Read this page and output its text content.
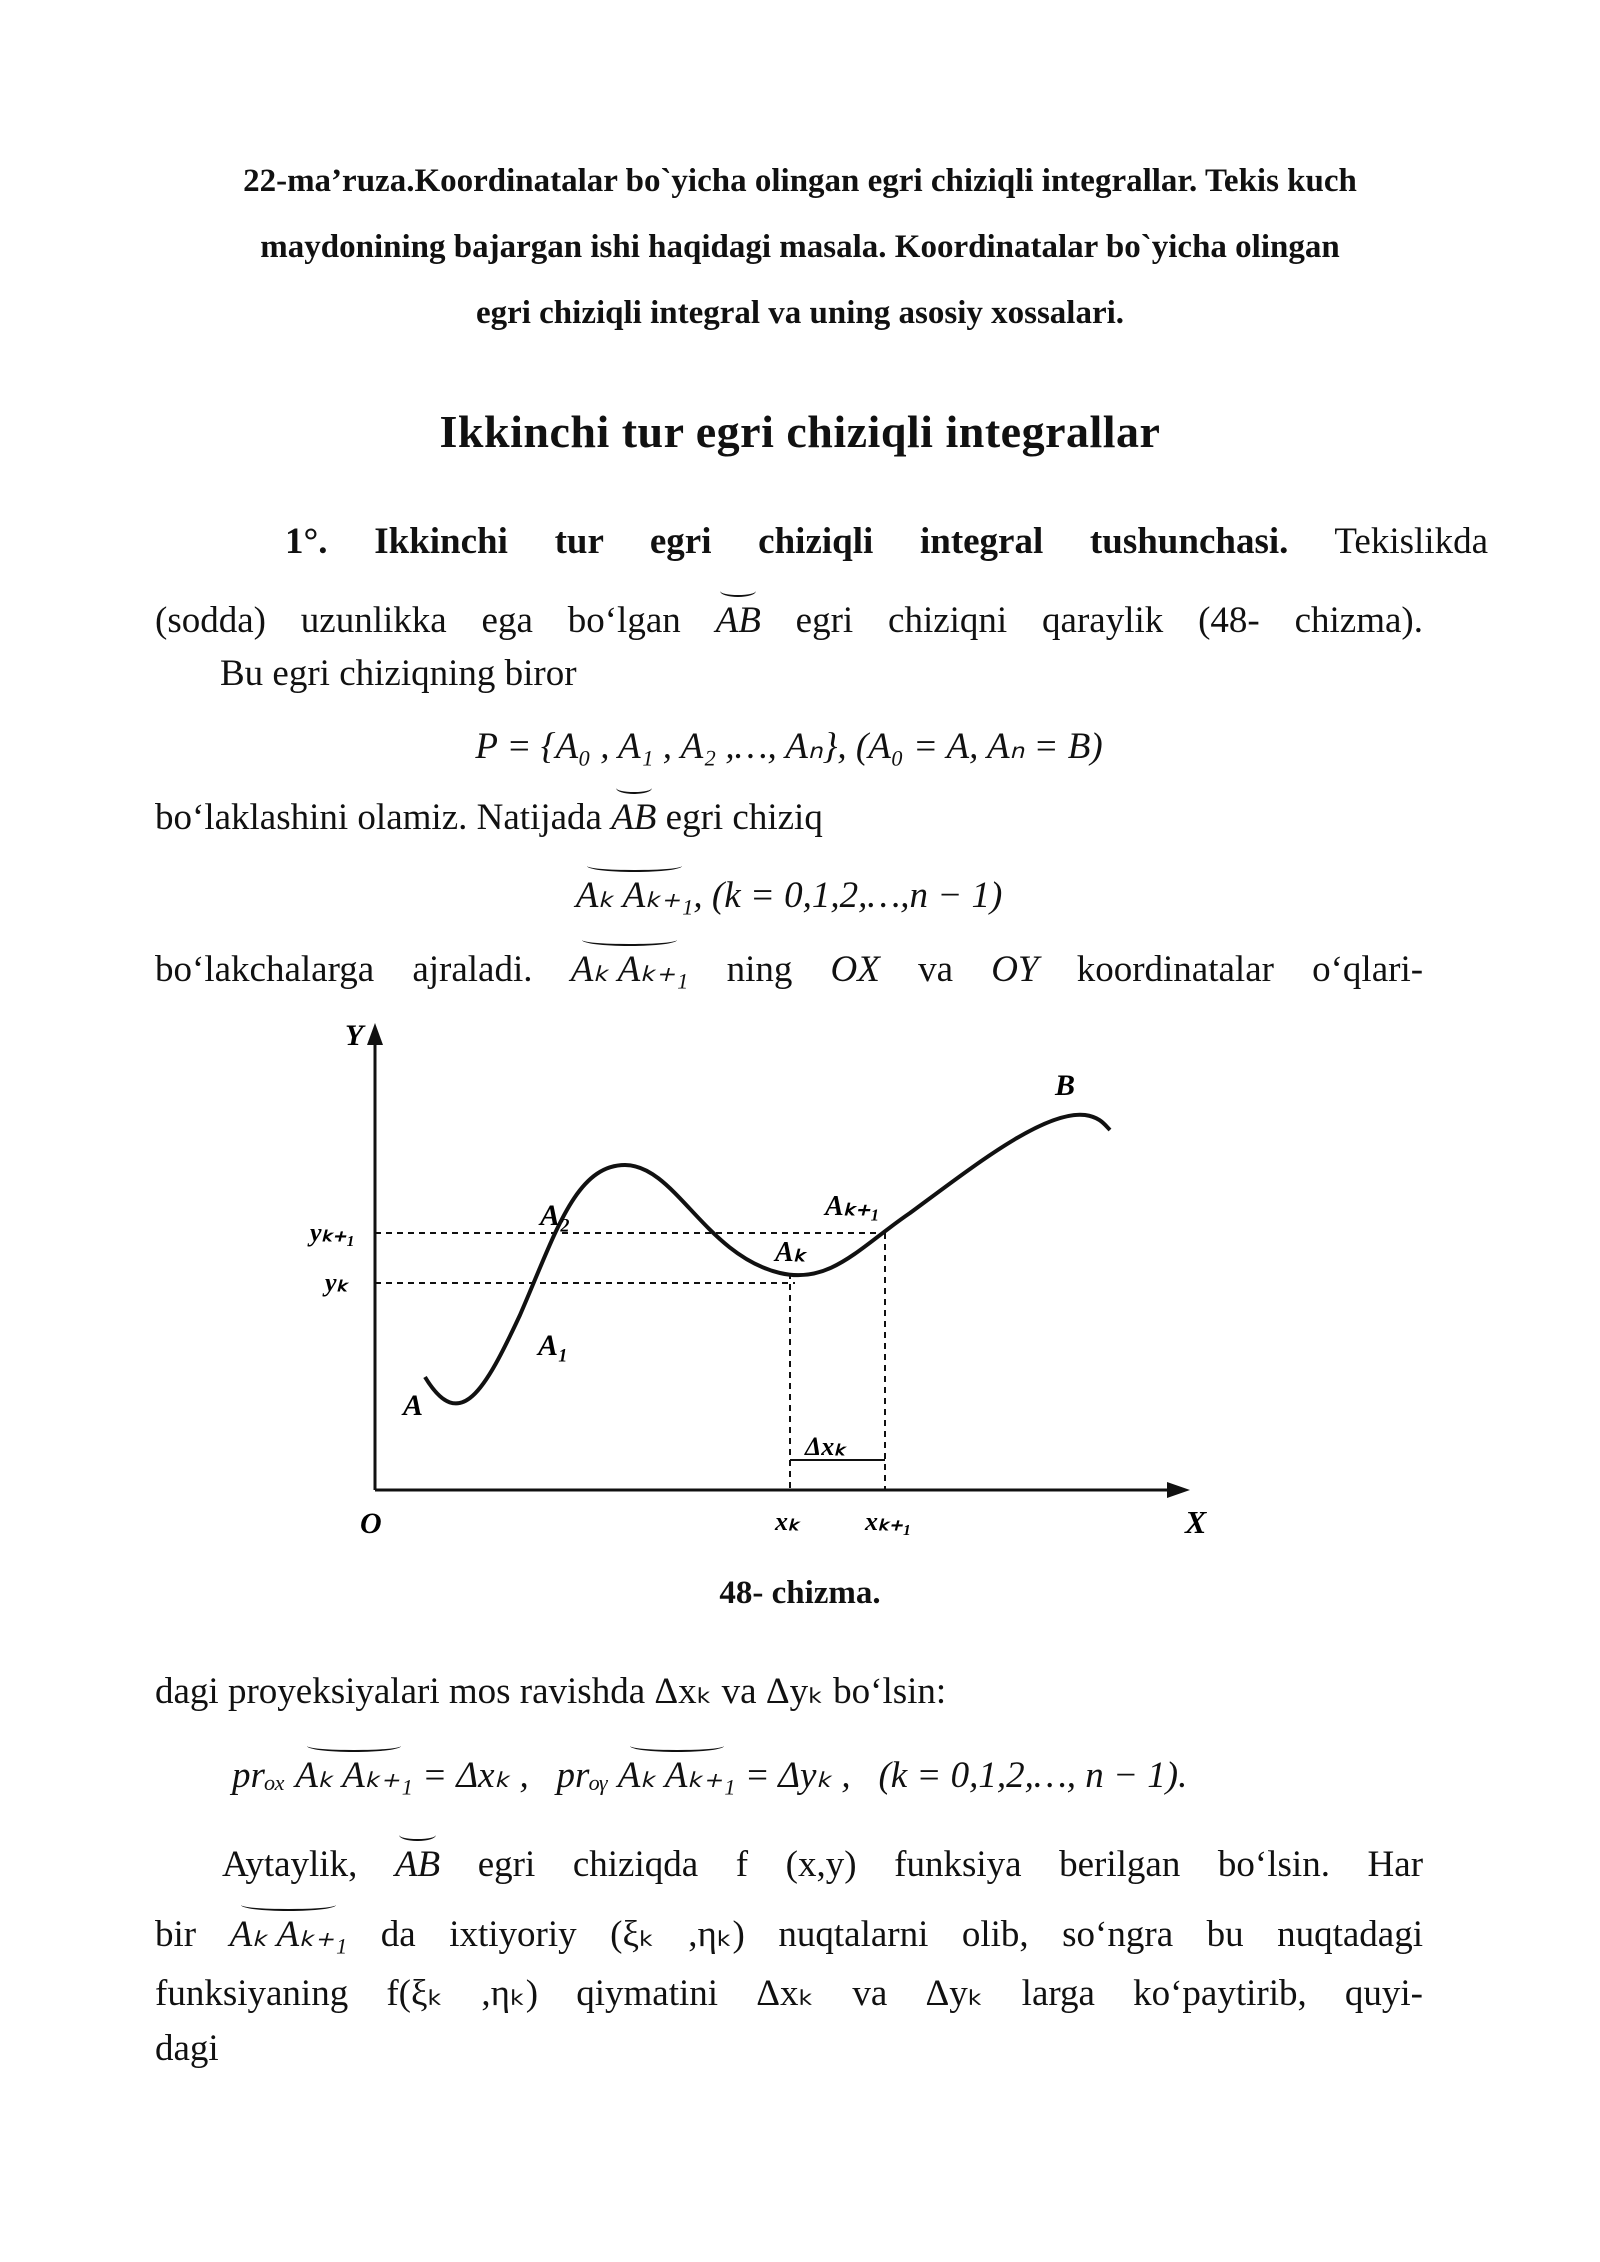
22-ma’ruza.Koordinatalar bo`yicha olingan egri chiziqli integrallar. Tekis kuch
maydonining bajargan ishi haqidagi masala. Koordinatalar bo`yicha olingan
egri chiziqli integral va uning asosiy xossalari.
Ikkinchi tur egri chiziqli integrallar
1°. Ikkinchi tur egri chiziqli integral tushunchasi. Tekislikda
(sodda) uzunlikka ega bo‘lgan AB egri chiziqni qaraylik (48- chizma).
Bu egri chiziqning biror
P = {A₀ , A₁ , A₂ ,…, Aₙ}, (A₀ = A, Aₙ = B)
bo‘laklashini olamiz. Natijada AB egri chiziq
Aₖ Aₖ₊₁, (k = 0,1,2,…,n − 1)
bo‘lakchalarga ajraladi. Aₖ Aₖ₊₁ ning OX va OY koordinatalar o‘qlari-
Y
X
O
B
A
A₁
A₂
Aₖ
Aₖ₊₁
yₖ₊₁
yₖ
xₖ	xₖ₊₁
Δxₖ
48- chizma.
dagi proyeksiyalari mos ravishda Δxₖ va Δyₖ bo‘lsin:
prₒₓ Aₖ Aₖ₊₁ = Δxₖ , prₒᵧ Aₖ Aₖ₊₁ = Δyₖ , (k = 0,1,2,…, n − 1).
Aytaylik, AB egri chiziqda f (x,y) funksiya berilgan bo‘lsin. Har
bir Aₖ Aₖ₊₁ da ixtiyoriy (ξₖ ,ηₖ) nuqtalarni olib, so‘ngra bu nuqtadagi
funksiyaning f(ξₖ ,ηₖ) qiymatini Δxₖ va Δyₖ larga ko‘paytirib, quyi-
dagi
